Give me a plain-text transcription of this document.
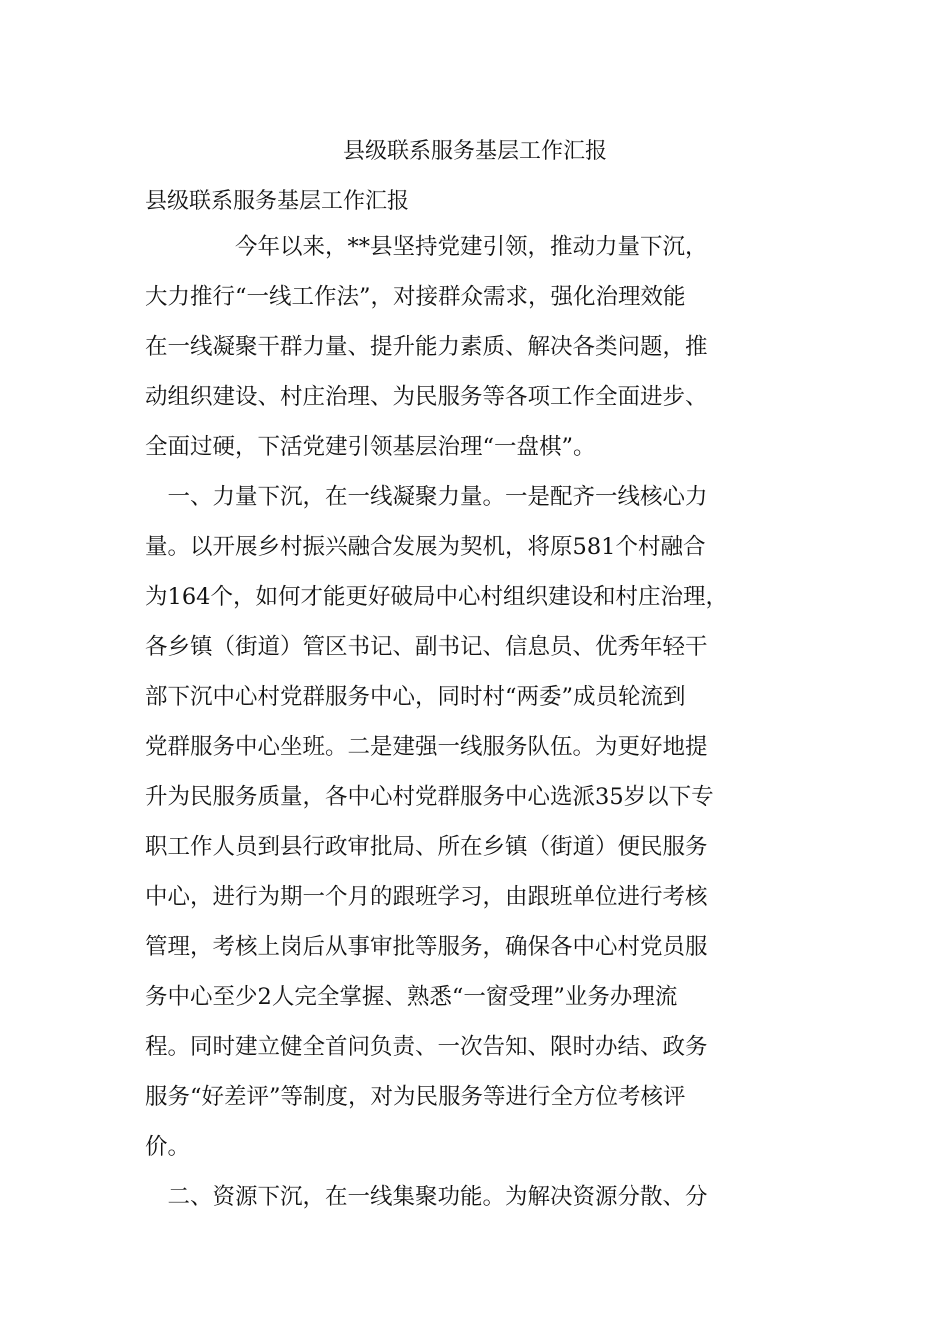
县级联系服务基层工作汇报
县级联系服务基层工作汇报
　　　　今年以来，**县坚持党建引领，推动力量下沉，
大力推行“一线工作法”，对接群众需求，强化治理效能
在一线凝聚干群力量、提升能力素质、解决各类问题，推
动组织建设、村庄治理、为民服务等各项工作全面进步、
全面过硬，下活党建引领基层治理“一盘棋”。
　一、力量下沉，在一线凝聚力量。一是配齐一线核心力
量。以开展乡村振兴融合发展为契机，将原581个村融合
为164个，如何才能更好破局中心村组织建设和村庄治理，
各乡镇（街道）管区书记、副书记、信息员、优秀年轻干
部下沉中心村党群服务中心，同时村“两委”成员轮流到
党群服务中心坐班。二是建强一线服务队伍。为更好地提
升为民服务质量，各中心村党群服务中心选派35岁以下专
职工作人员到县行政审批局、所在乡镇（街道）便民服务
中心，进行为期一个月的跟班学习，由跟班单位进行考核
管理，考核上岗后从事审批等服务，确保各中心村党员服
务中心至少2人完全掌握、熟悉“一窗受理”业务办理流
程。同时建立健全首问负责、一次告知、限时办结、政务
服务“好差评”等制度，对为民服务等进行全方位考核评
价。
　二、资源下沉，在一线集聚功能。为解决资源分散、分
